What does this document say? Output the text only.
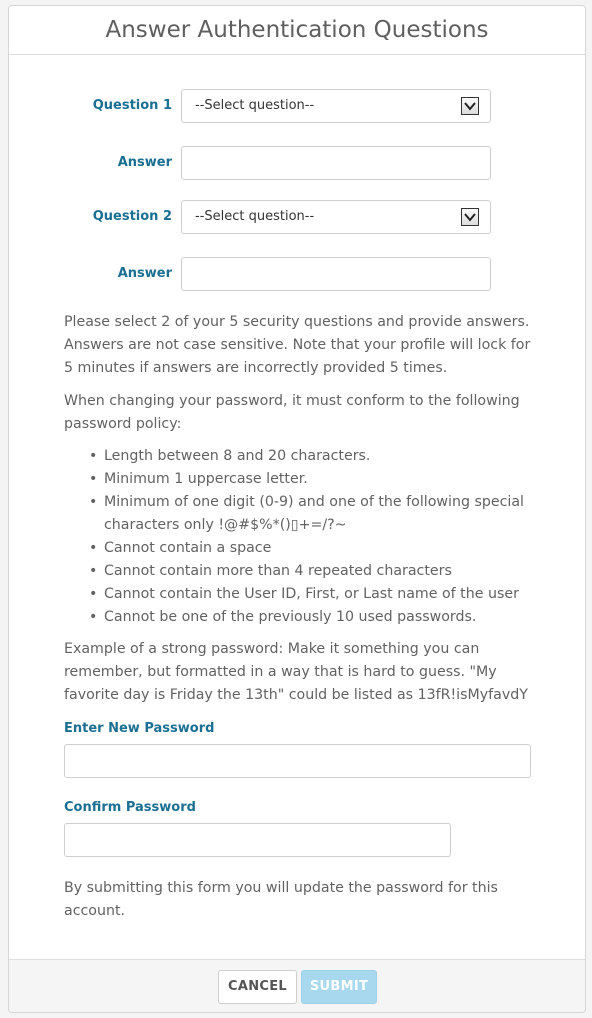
Answer Authentication Questions
Question 1	--Select question--
Answer
Question 2	--Select question--
Answer

Please select 2 of your 5 security questions and provide answers. Answers are not case sensitive. Note that your profile will lock for 5 minutes if answers are incorrectly provided 5 times.

When changing your password, it must conform to the following password policy:

• Length between 8 and 20 characters.
• Minimum 1 uppercase letter.
• Minimum of one digit (0-9) and one of the following special characters only !@#$%*()▯+=/?~
• Cannot contain a space
• Cannot contain more than 4 repeated characters
• Cannot contain the User ID, First, or Last name of the user
• Cannot be one of the previously 10 used passwords.

Example of a strong password: Make it something you can remember, but formatted in a way that is hard to guess. "My favorite day is Friday the 13th" could be listed as 13fR!isMyfavdY

Enter New Password
Confirm Password

By submitting this form you will update the password for this account.

CANCEL	SUBMIT
